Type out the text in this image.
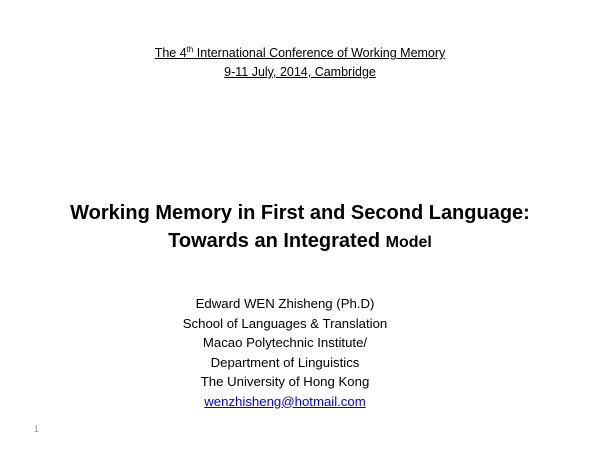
The 4th International Conference of Working Memory
9-11 July, 2014, Cambridge
Working Memory in First and Second Language:
Towards an Integrated Model
Edward WEN Zhisheng (Ph.D)
School of Languages & Translation
Macao Polytechnic Institute/
Department of Linguistics
The University of Hong Kong
wenzhisheng@hotmail.com
1
